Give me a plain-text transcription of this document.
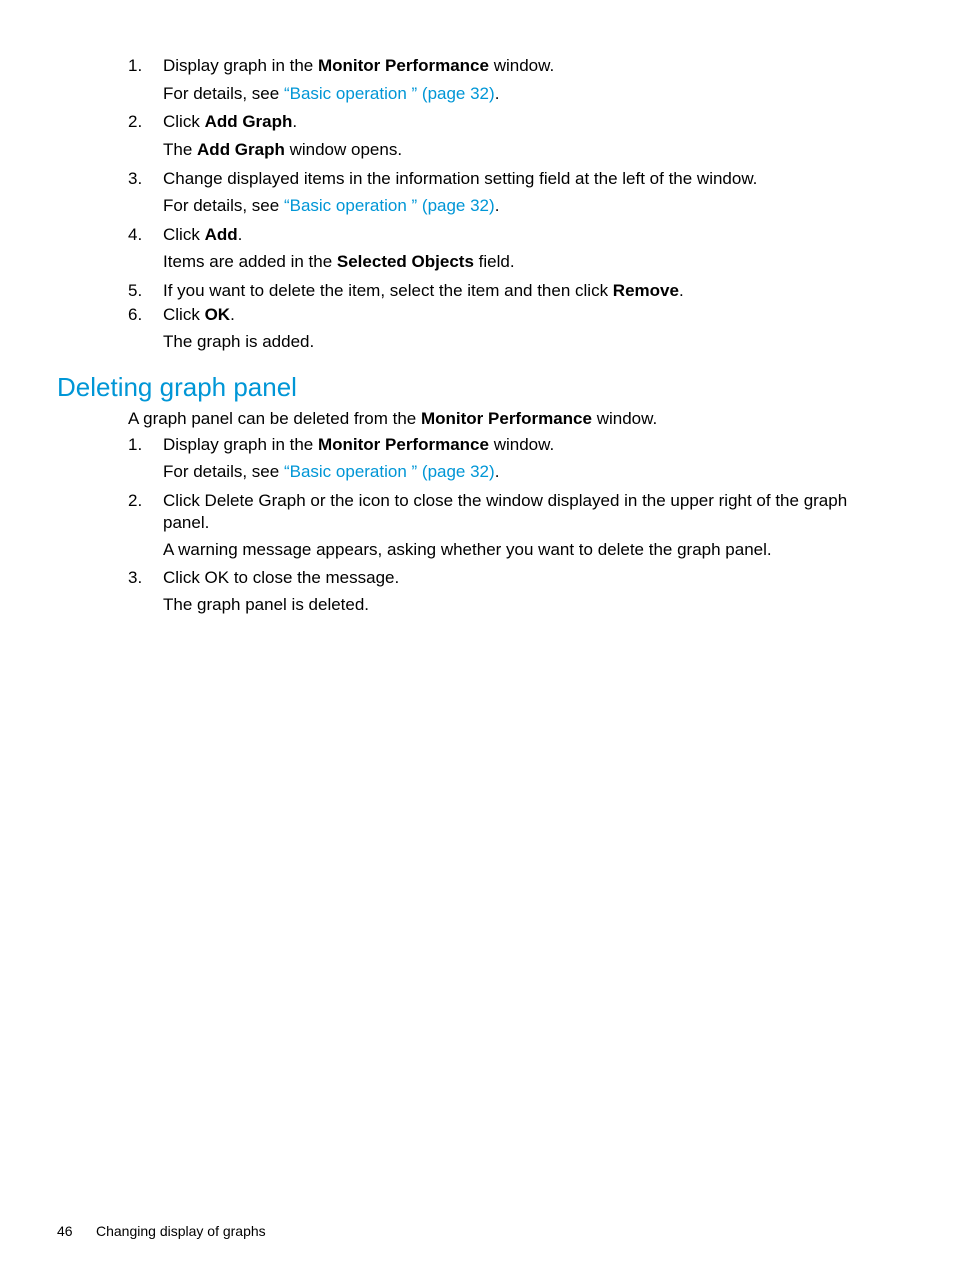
1. Display graph in the Monitor Performance window.
For details, see “Basic operation ” (page 32).
2. Click Add Graph.
The Add Graph window opens.
3. Change displayed items in the information setting field at the left of the window.
For details, see “Basic operation ” (page 32).
4. Click Add.
Items are added in the Selected Objects field.
5. If you want to delete the item, select the item and then click Remove.
6. Click OK.
The graph is added.
Deleting graph panel
A graph panel can be deleted from the Monitor Performance window.
1. Display graph in the Monitor Performance window.
For details, see “Basic operation ” (page 32).
2. Click Delete Graph or the icon to close the window displayed in the upper right of the graph panel.
A warning message appears, asking whether you want to delete the graph panel.
3. Click OK to close the message.
The graph panel is deleted.
46 Changing display of graphs
